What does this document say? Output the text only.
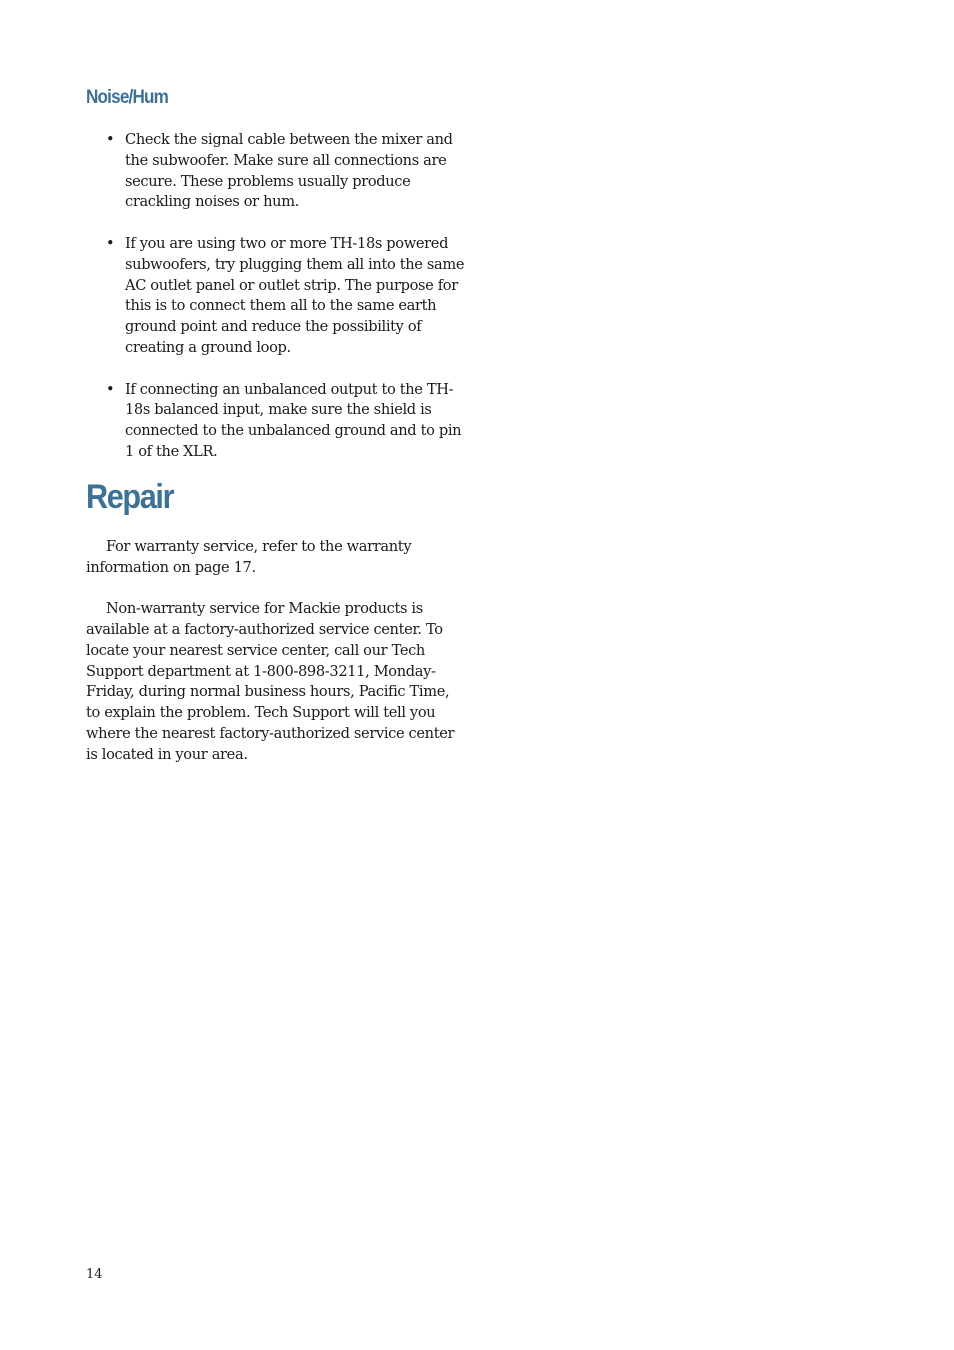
Noise/Hum
• Check the signal cable between the mixer and the subwoofer. Make sure all connections are secure. These problems usually produce crackling noises or hum.
• If you are using two or more TH-18s powered subwoofers, try plugging them all into the same AC outlet panel or outlet strip. The purpose for this is to connect them all to the same earth ground point and reduce the possibility of creating a ground loop.
• If connecting an unbalanced output to the TH-18s balanced input, make sure the shield is connected to the unbalanced ground and to pin 1 of the XLR.
Repair

For warranty service, refer to the warranty information on page 17.

Non-warranty service for Mackie products is available at a factory-authorized service center. To locate your nearest service center, call our Tech Support department at 1-800-898-3211, Monday-Friday, during normal business hours, Pacific Time, to explain the problem. Tech Support will tell you where the nearest factory-authorized service center is located in your area.

14
